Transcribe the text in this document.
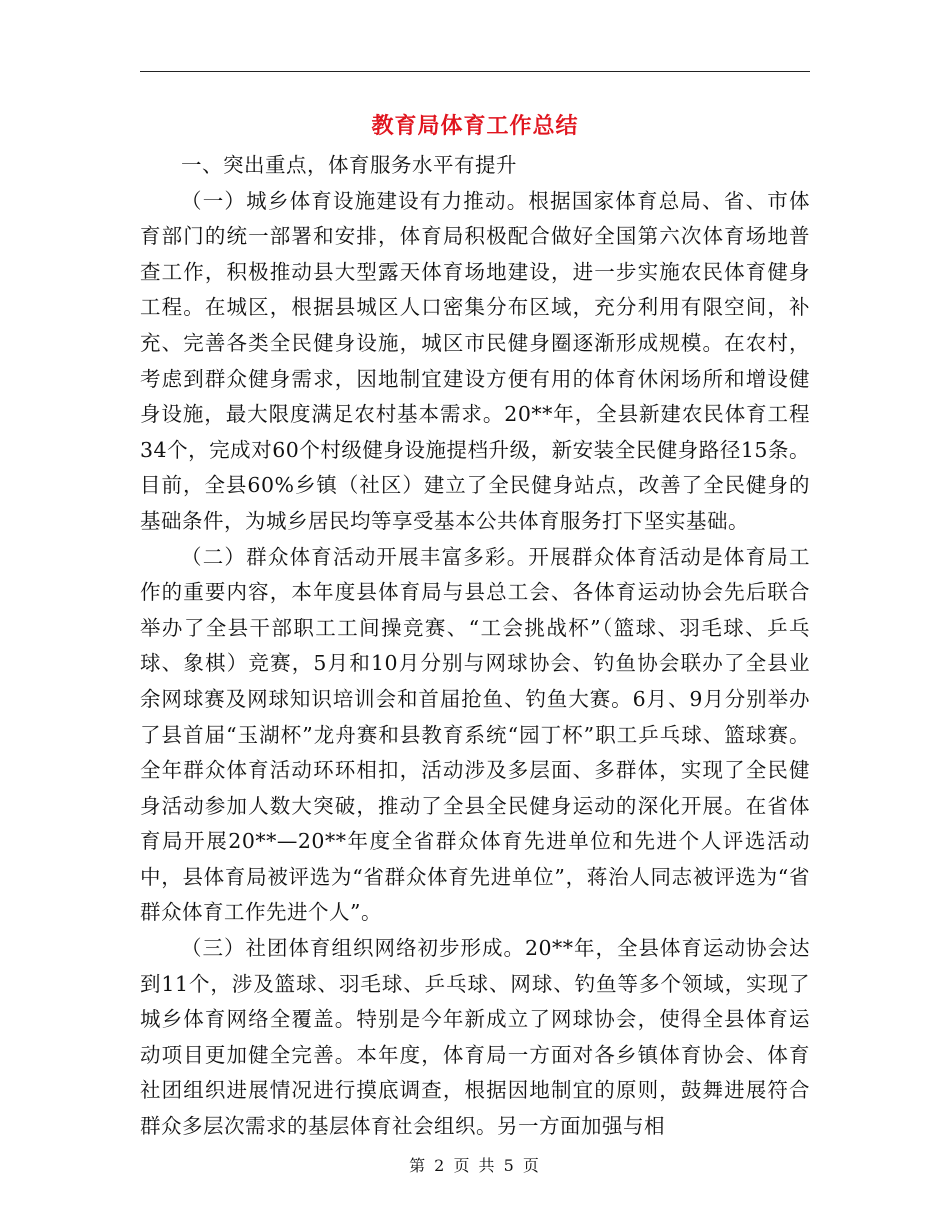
教育局体育工作总结

一、突出重点，体育服务水平有提升

（一）城乡体育设施建设有力推动。根据国家体育总局、省、市体育部门的统一部署和安排，体育局积极配合做好全国第六次体育场地普查工作，积极推动县大型露天体育场地建设，进一步实施农民体育健身工程。在城区，根据县城区人口密集分布区域，充分利用有限空间，补充、完善各类全民健身设施，城区市民健身圈逐渐形成规模。在农村，考虑到群众健身需求，因地制宜建设方便有用的体育休闲场所和增设健身设施，最大限度满足农村基本需求。20**年，全县新建农民体育工程34个，完成对60个村级健身设施提档升级，新安装全民健身路径15条。目前，全县60%乡镇（社区）建立了全民健身站点，改善了全民健身的基础条件，为城乡居民均等享受基本公共体育服务打下坚实基础。

（二）群众体育活动开展丰富多彩。开展群众体育活动是体育局工作的重要内容，本年度县体育局与县总工会、各体育运动协会先后联合举办了全县干部职工工间操竞赛、“工会挑战杯”（篮球、羽毛球、乒乓球、象棋）竞赛，5月和10月分别与网球协会、钓鱼协会联办了全县业余网球赛及网球知识培训会和首届抢鱼、钓鱼大赛。6月、9月分别举办了县首届“玉湖杯”龙舟赛和县教育系统“园丁杯”职工乒乓球、篮球赛。全年群众体育活动环环相扣，活动涉及多层面、多群体，实现了全民健身活动参加人数大突破，推动了全县全民健身运动的深化开展。在省体育局开展20**—20**年度全省群众体育先进单位和先进个人评选活动中，县体育局被评选为“省群众体育先进单位”，蒋治人同志被评选为“省群众体育工作先进个人”。

（三）社团体育组织网络初步形成。20**年，全县体育运动协会达到11个，涉及篮球、羽毛球、乒乓球、网球、钓鱼等多个领域，实现了城乡体育网络全覆盖。特别是今年新成立了网球协会，使得全县体育运动项目更加健全完善。本年度，体育局一方面对各乡镇体育协会、体育社团组织进展情况进行摸底调查，根据因地制宜的原则，鼓舞进展符合群众多层次需求的基层体育社会组织。另一方面加强与相

第 2 页 共 5 页
